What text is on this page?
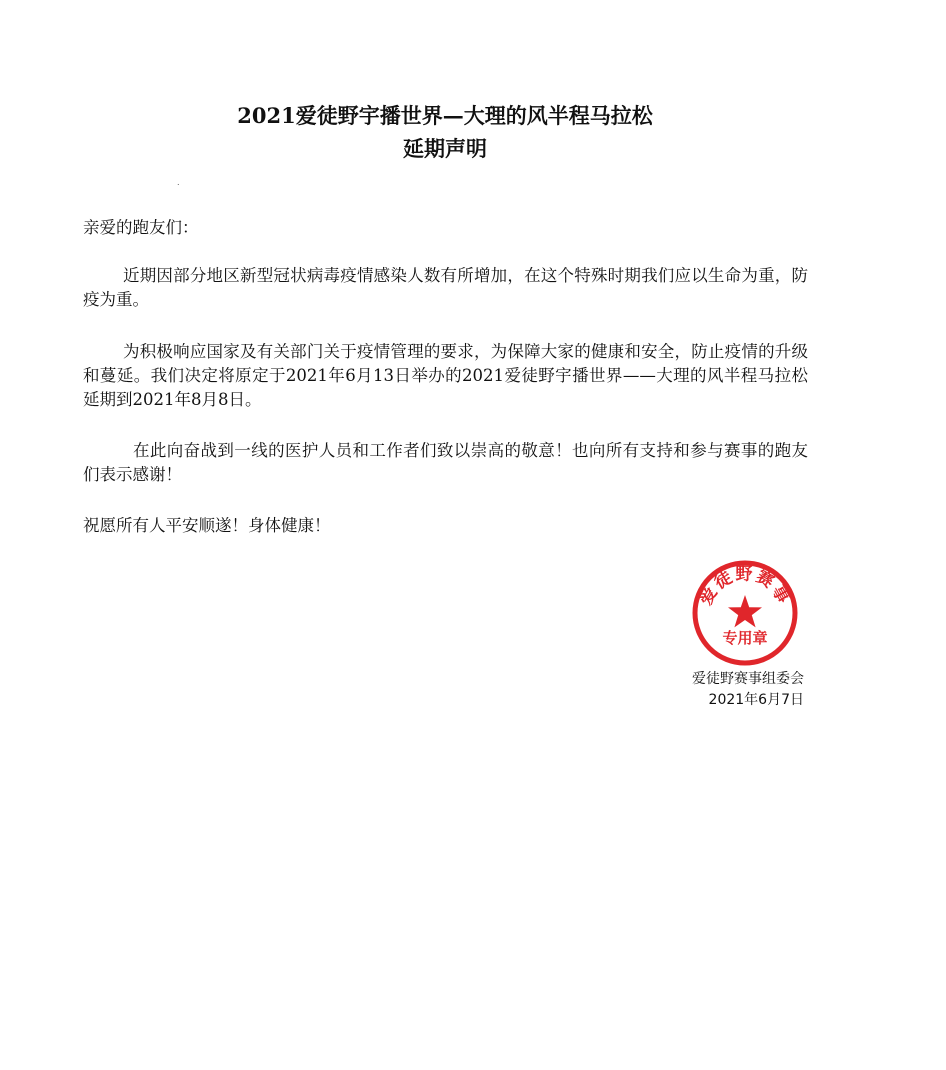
2021爱徒野宇播世界—大理的风半程马拉松
延期声明
.

亲爱的跑友们：

近期因部分地区新型冠状病毒疫情感染人数有所增加，在这个特殊时期我们应以生命为重，防疫为重。

为积极响应国家及有关部门关于疫情管理的要求，为保障大家的健康和安全，防止疫情的升级和蔓延。我们决定将原定于2021年6月13日举办的2021爱徒野宇播世界——大理的风半程马拉松延期到2021年8月8日。

在此向奋战到一线的医护人员和工作者们致以崇高的敬意！也向所有支持和参与赛事的跑友们表示感谢！

祝愿所有人平安顺遂！身体健康！

爱徒野赛事
专用章
爱徒野赛事组委会
2021年6月7日
